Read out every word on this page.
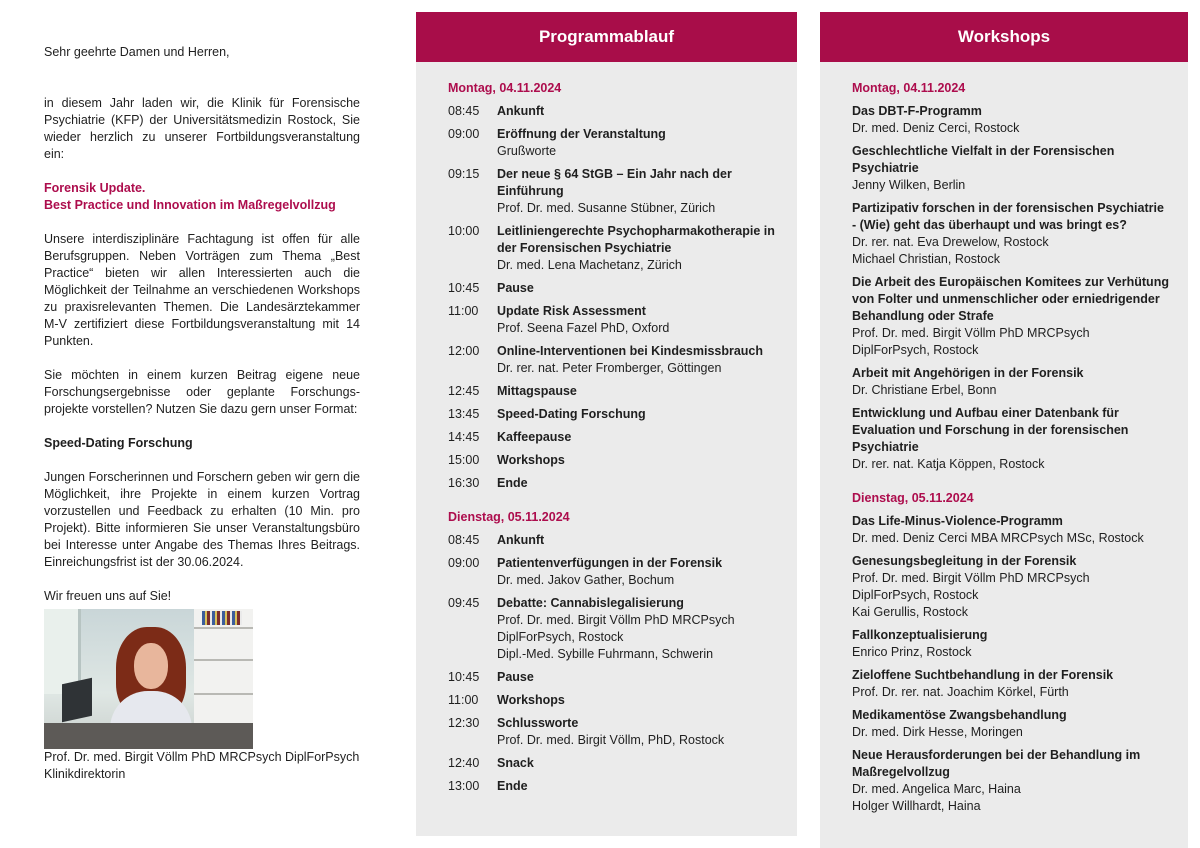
Sehr geehrte Damen und Herren,

in diesem Jahr laden wir, die Klinik für Forensische Psychiatrie (KFP) der Universitätsmedizin Rostock, Sie wieder herzlich zu unserer Fortbildungsveranstaltung ein:

Forensik Update.

Best Practice und Innovation im Maßregelvollzug

Unsere interdisziplinäre Fachtagung ist offen für alle Berufsgruppen. Neben Vorträgen zum Thema „Best Practice“ bieten wir allen Interessierten auch die Möglichkeit der Teilnahme an verschiedenen Workshops zu praxisrelevanten Themen. Die Landesärztekammer M-V zertifiziert diese Fortbildungsveranstaltung mit 14 Punkten.

Sie möchten in einem kurzen Beitrag eigene neue Forschungsergebnisse oder geplante Forschungsprojekte vorstellen? Nutzen Sie dazu gern unser Format:

Speed-Dating Forschung

Jungen Forscherinnen und Forschern geben wir gern die Möglichkeit, ihre Projekte in einem kurzen Vortrag vorzustellen und Feedback zu erhalten (10 Min. pro Projekt). Bitte informieren Sie unser Veranstaltungsbüro bei Interesse unter Angabe des Themas Ihres Beitrags. Einreichungsfrist ist der 30.06.2024.

Wir freuen uns auf Sie!

Prof. Dr. med. Birgit Völlm PhD MRCPsych DiplForPsych

Klinikdirektorin

Programmablauf

Montag, 04.11.2024

08:45	Ankunft
09:00	Eröffnung der Veranstaltung
Grußworte
09:15	Der neue § 64 StGB – Ein Jahr nach der Einführung
Prof. Dr. med. Susanne Stübner, Zürich
10:00	Leitliniengerechte Psychopharmakotherapie in der Forensischen Psychiatrie
Dr. med. Lena Machetanz, Zürich
10:45	Pause
11:00	Update Risk Assessment
Prof. Seena Fazel PhD, Oxford
12:00	Online-Interventionen bei Kindesmissbrauch
Dr. rer. nat. Peter Fromberger, Göttingen
12:45	Mittagspause
13:45	Speed-Dating Forschung
14:45	Kaffeepause
15:00	Workshops
16:30	Ende

Dienstag, 05.11.2024

08:45	Ankunft
09:00	Patientenverfügungen in der Forensik
Dr. med. Jakov Gather, Bochum
09:45	Debatte: Cannabislegalisierung
Prof. Dr. med. Birgit Völlm PhD MRCPsych DiplForPsych, Rostock
Dipl.-Med. Sybille Fuhrmann, Schwerin
10:45	Pause
11:00	Workshops
12:30	Schlussworte
Prof. Dr. med. Birgit Völlm, PhD, Rostock
12:40	Snack
13:00	Ende
Workshops

Montag, 04.11.2024

Das DBT-F-Programm
Dr. med. Deniz Cerci, Rostock
Geschlechtliche Vielfalt in der Forensischen Psychiatrie
Jenny Wilken, Berlin
Partizipativ forschen in der forensischen Psychiatrie - (Wie) geht das überhaupt und was bringt es?
Dr. rer. nat. Eva Drewelow, Rostock
Michael Christian, Rostock
Die Arbeit des Europäischen Komitees zur Verhütung von Folter und unmenschlicher oder erniedrigender Behandlung oder Strafe
Prof. Dr. med. Birgit Völlm PhD MRCPsych DiplForPsych, Rostock
Arbeit mit Angehörigen in der Forensik
Dr. Christiane Erbel, Bonn
Entwicklung und Aufbau einer Datenbank für Evaluation und Forschung in der forensischen Psychiatrie
Dr. rer. nat. Katja Köppen, Rostock

Dienstag, 05.11.2024

Das Life-Minus-Violence-Programm
Dr. med. Deniz Cerci MBA MRCPsych MSc, Rostock
Genesungsbegleitung in der Forensik
Prof. Dr. med. Birgit Völlm PhD MRCPsych DiplForPsych, Rostock
Kai Gerullis, Rostock
Fallkonzeptualisierung
Enrico Prinz, Rostock
Zieloffene Suchtbehandlung in der Forensik
Prof. Dr. rer. nat. Joachim Körkel, Fürth
Medikamentöse Zwangsbehandlung
Dr. med. Dirk Hesse, Moringen
Neue Herausforderungen bei der Behandlung im Maßregelvollzug
Dr. med. Angelica Marc, Haina
Holger Willhardt, Haina
